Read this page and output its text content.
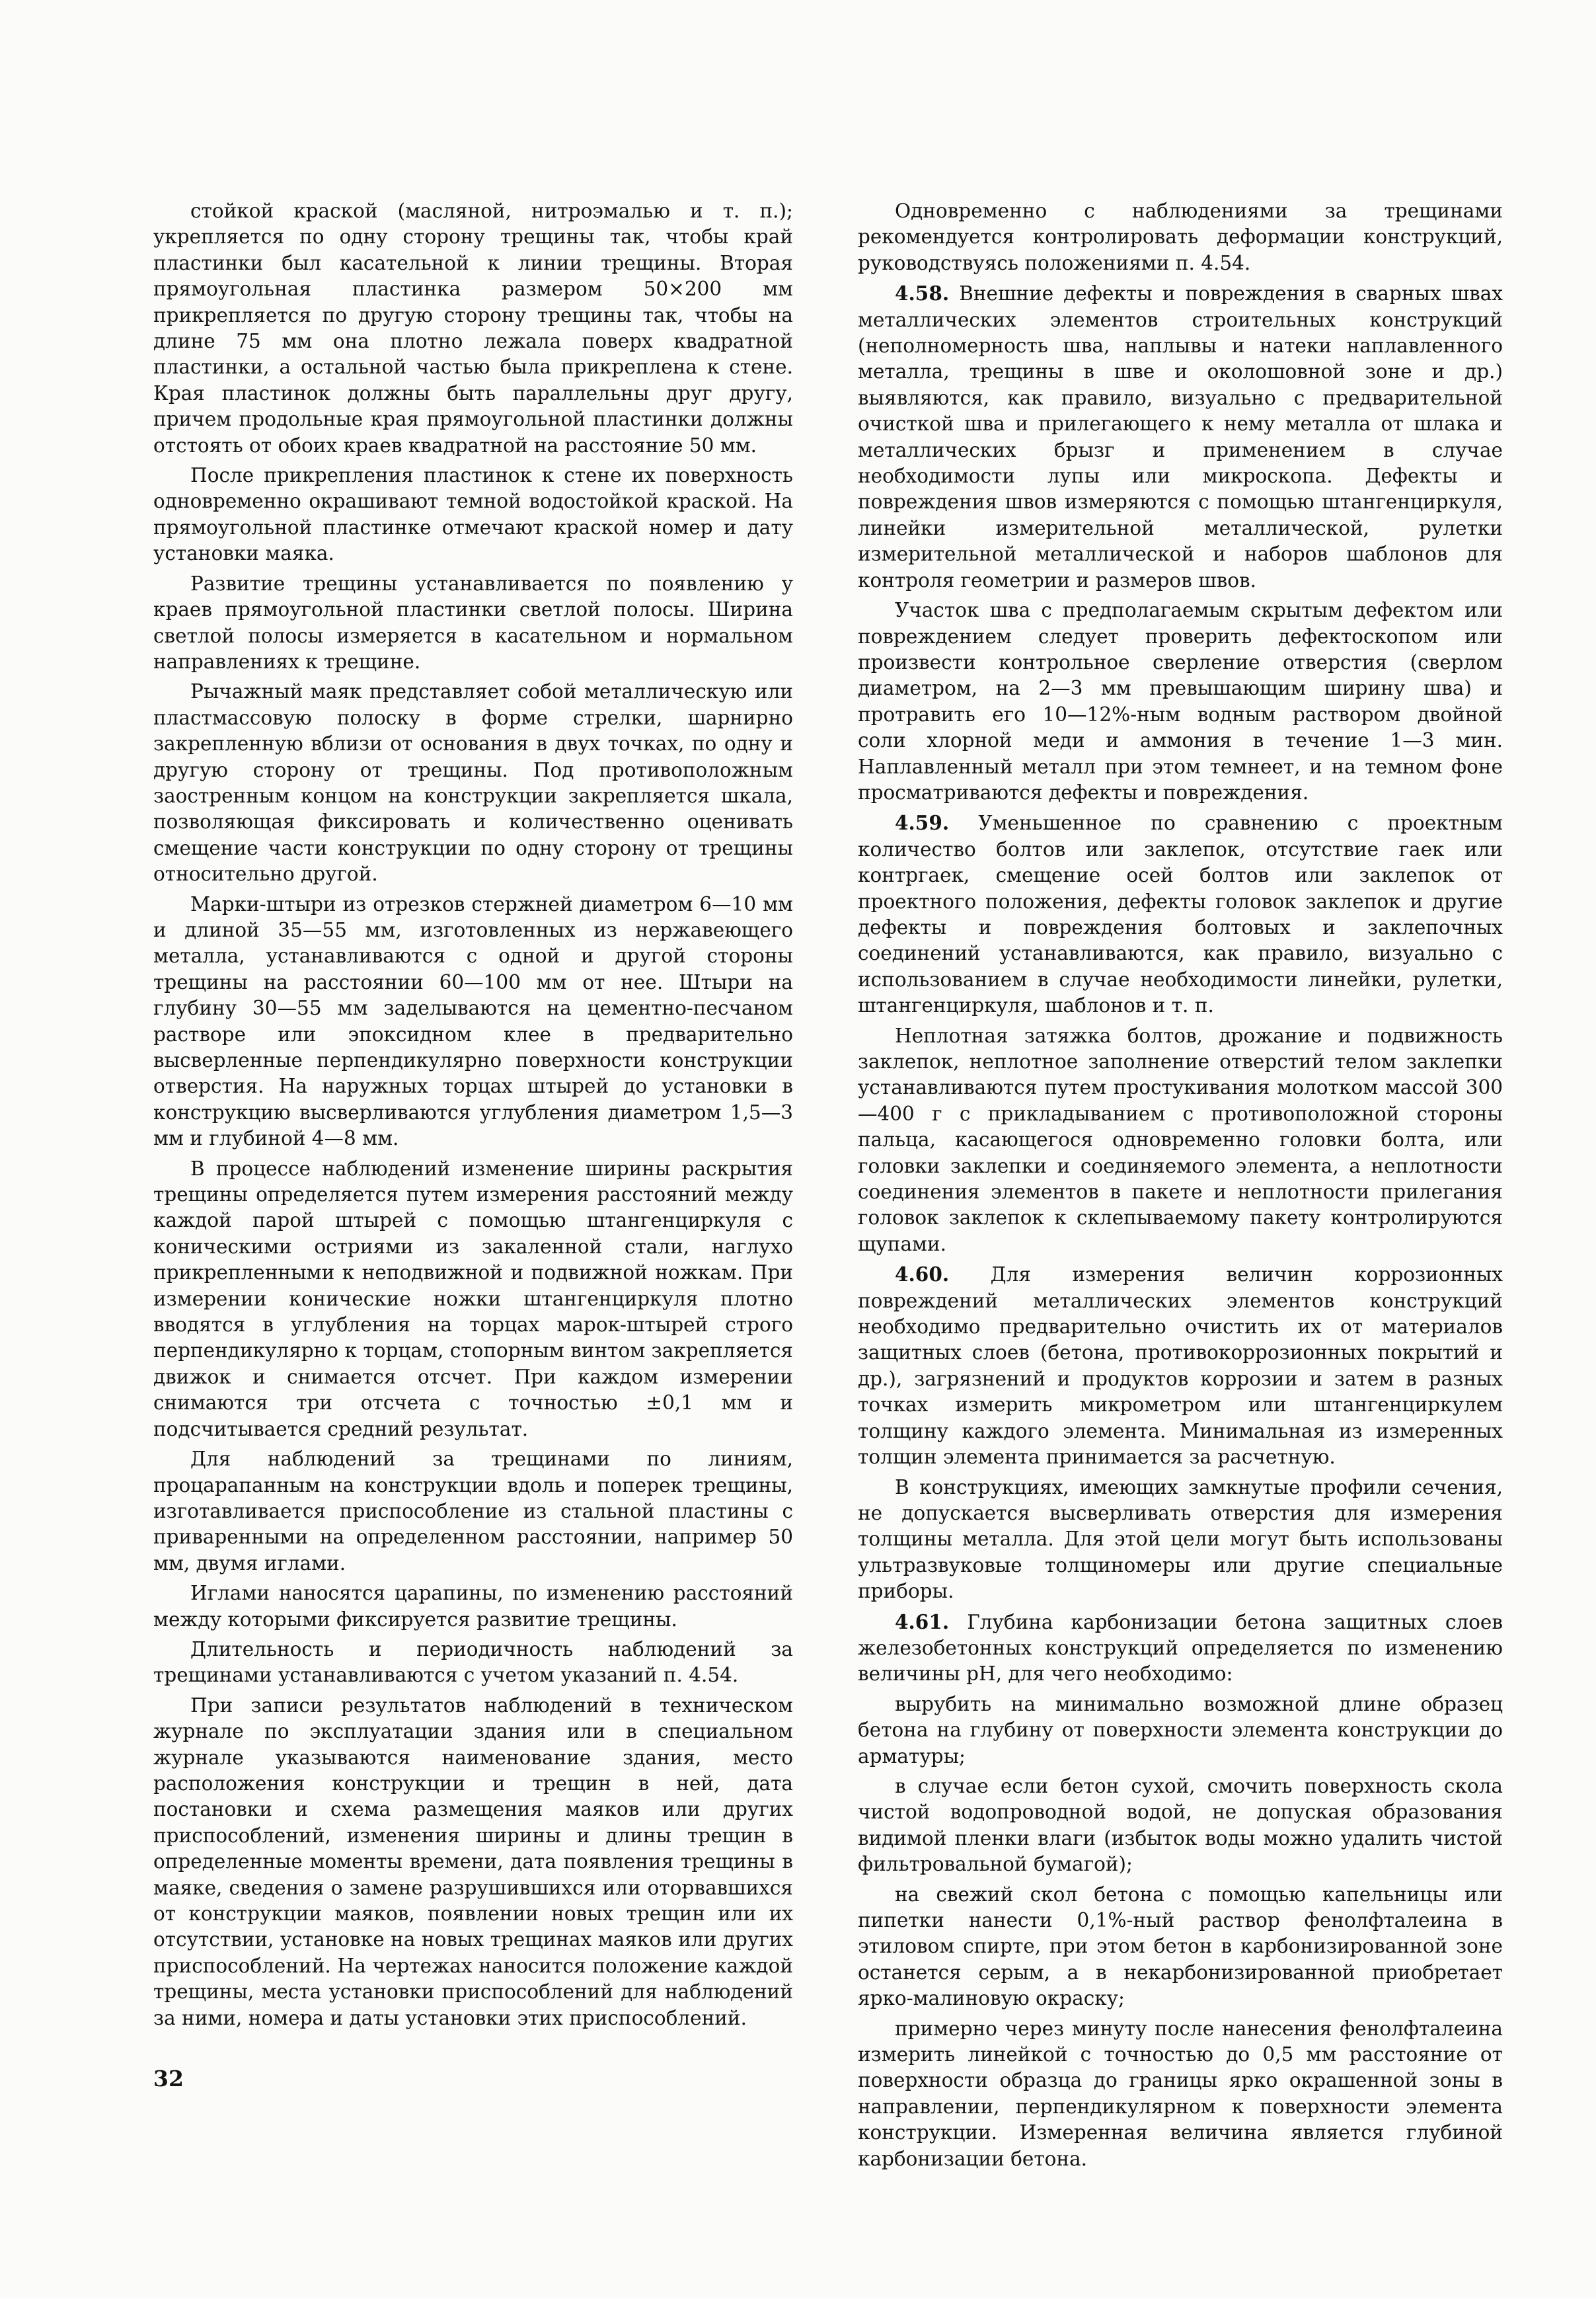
стойкой краской (масляной, нитроэмалью и т. п.); укрепляется по одну сторону трещины так, чтобы край пластинки был касательной к линии трещины. Вторая прямоугольная пластинка размером 50×200 мм прикрепляется по другую сторону трещины так, чтобы на длине 75 мм она плотно лежала поверх квадратной пластинки, а остальной частью была прикреплена к стене. Края пластинок должны быть параллельны друг другу, причем продольные края прямоугольной пластинки должны отстоять от обоих краев квадратной на расстояние 50 мм.

После прикрепления пластинок к стене их поверхность одновременно окрашивают темной водостойкой краской. На прямоугольной пластинке отмечают краской номер и дату установки маяка.

Развитие трещины устанавливается по появлению у краев прямоугольной пластинки светлой полосы. Ширина светлой полосы измеряется в касательном и нормальном направлениях к трещине.

Рычажный маяк представляет собой металлическую или пластмассовую полоску в форме стрелки, шарнирно закрепленную вблизи от основания в двух точках, по одну и другую сторону от трещины. Под противоположным заостренным концом на конструкции закрепляется шкала, позволяющая фиксировать и количественно оценивать смещение части конструкции по одну сторону от трещины относительно другой.

Марки-штыри из отрезков стержней диаметром 6—10 мм и длиной 35—55 мм, изготовленных из нержавеющего металла, устанавливаются с одной и другой стороны трещины на расстоянии 60—100 мм от нее. Штыри на глубину 30—55 мм заделываются на цементно-песчаном растворе или эпоксидном клее в предварительно высверленные перпендикулярно поверхности конструкции отверстия. На наружных торцах штырей до установки в конструкцию высверливаются углубления диаметром 1,5—3 мм и глубиной 4—8 мм.

В процессе наблюдений изменение ширины раскрытия трещины определяется путем измерения расстояний между каждой парой штырей с помощью штангенциркуля с коническими остриями из закаленной стали, наглухо прикрепленными к неподвижной и подвижной ножкам. При измерении конические ножки штангенциркуля плотно вводятся в углубления на торцах марок-штырей строго перпендикулярно к торцам, стопорным винтом закрепляется движок и снимается отсчет. При каждом измерении снимаются три отсчета с точностью ±0,1 мм и подсчитывается средний результат.

Для наблюдений за трещинами по линиям, процарапанным на конструкции вдоль и поперек трещины, изготавливается приспособление из стальной пластины с приваренными на определенном расстоянии, например 50 мм, двумя иглами.

Иглами наносятся царапины, по изменению расстояний между которыми фиксируется развитие трещины.

Длительность и периодичность наблюдений за трещинами устанавливаются с учетом указаний п. 4.54.

При записи результатов наблюдений в техническом журнале по эксплуатации здания или в специальном журнале указываются наименование здания, место расположения конструкции и трещин в ней, дата постановки и схема размещения маяков или других приспособлений, изменения ширины и длины трещин в определенные моменты времени, дата появления трещины в маяке, сведения о замене разрушившихся или оторвавшихся от конструкции маяков, появлении новых трещин или их отсутствии, установке на новых трещинах маяков или других приспособлений. На чертежах наносится положение каждой трещины, места установки приспособлений для наблюдений за ними, номера и даты установки этих приспособлений.

Одновременно с наблюдениями за трещинами рекомендуется контролировать деформации конструкций, руководствуясь положениями п. 4.54.

4.58. Внешние дефекты и повреждения в сварных швах металлических элементов строительных конструкций (неполномерность шва, наплывы и натеки наплавленного металла, трещины в шве и околошовной зоне и др.) выявляются, как правило, визуально с предварительной очисткой шва и прилегающего к нему металла от шлака и металлических брызг и применением в случае необходимости лупы или микроскопа. Дефекты и повреждения швов измеряются с помощью штангенциркуля, линейки измерительной металлической, рулетки измерительной металлической и наборов шаблонов для контроля геометрии и размеров швов.

Участок шва с предполагаемым скрытым дефектом или повреждением следует проверить дефектоскопом или произвести контрольное сверление отверстия (сверлом диаметром, на 2—3 мм превышающим ширину шва) и протравить его 10—12%-ным водным раствором двойной соли хлорной меди и аммония в течение 1—3 мин. Наплавленный металл при этом темнеет, и на темном фоне просматриваются дефекты и повреждения.

4.59. Уменьшенное по сравнению с проектным количество болтов или заклепок, отсутствие гаек или контргаек, смещение осей болтов или заклепок от проектного положения, дефекты головок заклепок и другие дефекты и повреждения болтовых и заклепочных соединений устанавливаются, как правило, визуально с использованием в случае необходимости линейки, рулетки, штангенциркуля, шаблонов и т. п.

Неплотная затяжка болтов, дрожание и подвижность заклепок, неплотное заполнение отверстий телом заклепки устанавливаются путем простукивания молотком массой 300—400 г с прикладыванием с противоположной стороны пальца, касающегося одновременно головки болта, или головки заклепки и соединяемого элемента, а неплотности соединения элементов в пакете и неплотности прилегания головок заклепок к склепываемому пакету контролируются щупами.

4.60. Для измерения величин коррозионных повреждений металлических элементов конструкций необходимо предварительно очистить их от материалов защитных слоев (бетона, противокоррозионных покрытий и др.), загрязнений и продуктов коррозии и затем в разных точках измерить микрометром или штангенциркулем толщину каждого элемента. Минимальная из измеренных толщин элемента принимается за расчетную.

В конструкциях, имеющих замкнутые профили сечения, не допускается высверливать отверстия для измерения толщины металла. Для этой цели могут быть использованы ультразвуковые толщиномеры или другие специальные приборы.

4.61. Глубина карбонизации бетона защитных слоев железобетонных конструкций определяется по изменению величины pH, для чего необходимо:

вырубить на минимально возможной длине образец бетона на глубину от поверхности элемента конструкции до арматуры;

в случае если бетон сухой, смочить поверхность скола чистой водопроводной водой, не допуская образования видимой пленки влаги (избыток воды можно удалить чистой фильтровальной бумагой);

на свежий скол бетона с помощью капельницы или пипетки нанести 0,1%-ный раствор фенолфталеина в этиловом спирте, при этом бетон в карбонизированной зоне останется серым, а в некарбонизированной приобретает ярко-малиновую окраску;

примерно через минуту после нанесения фенолфталеина измерить линейкой с точностью до 0,5 мм расстояние от поверхности образца до границы ярко окрашенной зоны в направлении, перпендикулярном к поверхности элемента конструкции. Измеренная величина является глубиной карбонизации бетона.

32
